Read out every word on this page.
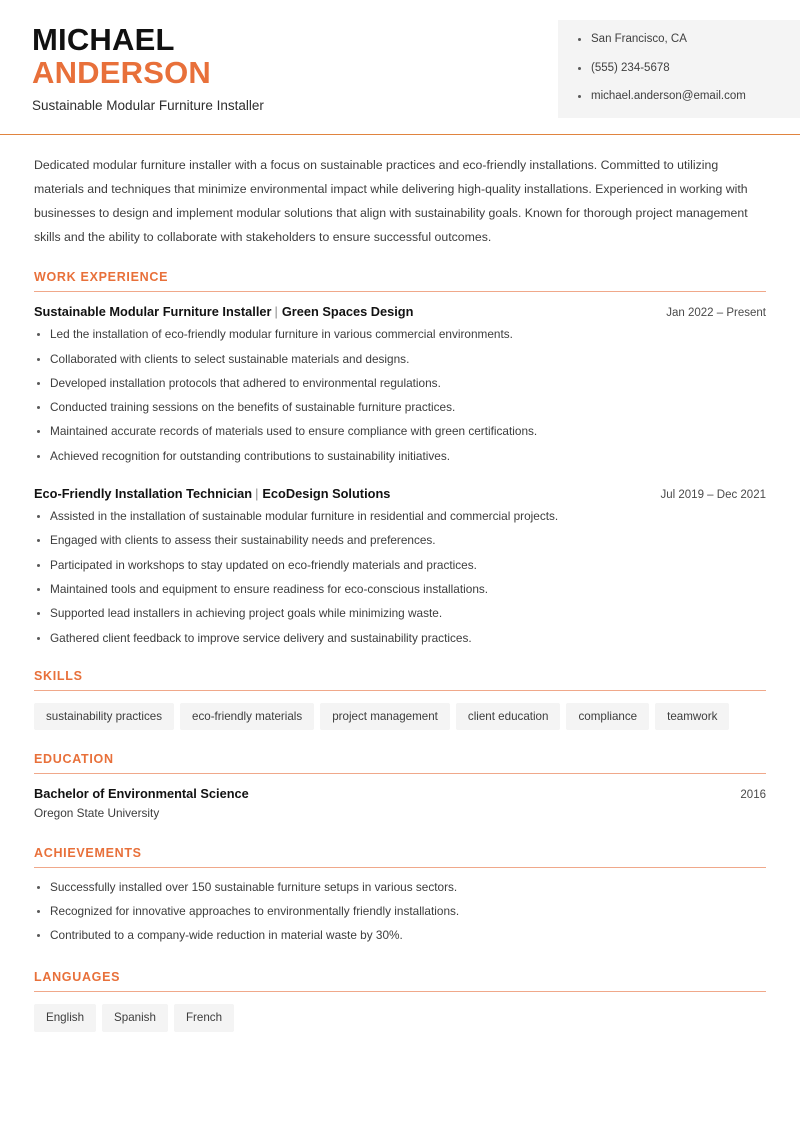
MICHAEL
ANDERSON
Sustainable Modular Furniture Installer
San Francisco, CA
(555) 234-5678
michael.anderson@email.com

Dedicated modular furniture installer with a focus on sustainable practices and eco-friendly installations. Committed to utilizing materials and techniques that minimize environmental impact while delivering high-quality installations. Experienced in working with businesses to design and implement modular solutions that align with sustainability goals. Known for thorough project management skills and the ability to collaborate with stakeholders to ensure successful outcomes.

WORK EXPERIENCE
Sustainable Modular Furniture Installer | Green Spaces Design	Jan 2022 – Present
Led the installation of eco-friendly modular furniture in various commercial environments.
Collaborated with clients to select sustainable materials and designs.
Developed installation protocols that adhered to environmental regulations.
Conducted training sessions on the benefits of sustainable furniture practices.
Maintained accurate records of materials used to ensure compliance with green certifications.
Achieved recognition for outstanding contributions to sustainability initiatives.
Eco-Friendly Installation Technician | EcoDesign Solutions	Jul 2019 – Dec 2021
Assisted in the installation of sustainable modular furniture in residential and commercial projects.
Engaged with clients to assess their sustainability needs and preferences.
Participated in workshops to stay updated on eco-friendly materials and practices.
Maintained tools and equipment to ensure readiness for eco-conscious installations.
Supported lead installers in achieving project goals while minimizing waste.
Gathered client feedback to improve service delivery and sustainability practices.
SKILLS
sustainability practices	eco-friendly materials	project management	client education	compliance	teamwork
EDUCATION
Bachelor of Environmental Science	2016
Oregon State University
ACHIEVEMENTS
Successfully installed over 150 sustainable furniture setups in various sectors.
Recognized for innovative approaches to environmentally friendly installations.
Contributed to a company-wide reduction in material waste by 30%.
LANGUAGES
English	Spanish	French
